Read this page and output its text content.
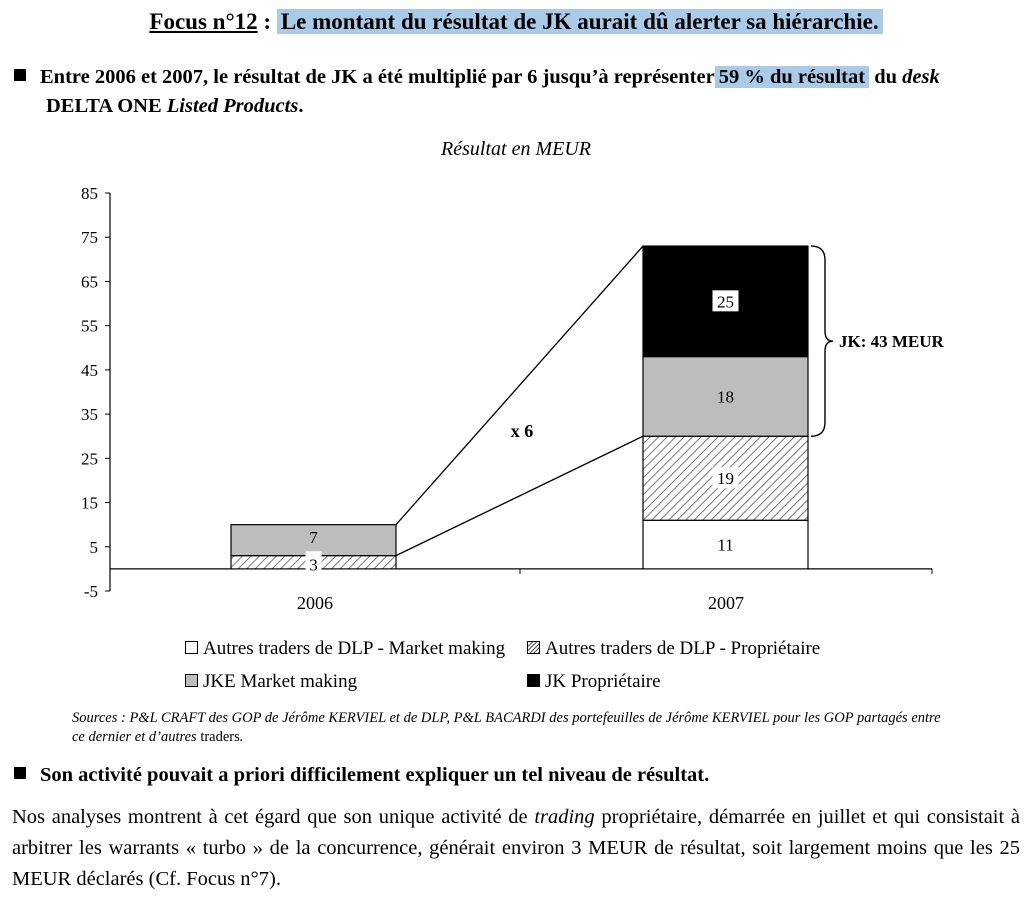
Focus n°12 : Le montant du résultat de JK aurait dû alerter sa hiérarchie.
Entre 2006 et 2007, le résultat de JK a été multiplié par 6 jusqu’à représenter 59 % du résultat du desk
DELTA ONE Listed Products.
Résultat en MEUR
-5
5
15
25
35
45
55
65
75
85
2006	2007
7
3
25
18
19
11
x 6
JK: 43 MEUR
Autres traders de DLP - Market making	Autres traders de DLP - Propriétaire
JKE Market making	JK Propriétaire
Sources : P&L CRAFT des GOP de Jérôme KERVIEL et de DLP, P&L BACARDI des portefeuilles de Jérôme KERVIEL pour les GOP partagés entre ce dernier et d’autres traders.
Son activité pouvait a priori difficilement expliquer un tel niveau de résultat.
Nos analyses montrent à cet égard que son unique activité de trading propriétaire, démarrée en juillet et qui consistait à arbitrer les warrants « turbo » de la concurrence, générait environ 3 MEUR de résultat, soit largement moins que les 25 MEUR déclarés (Cf. Focus n°7).
